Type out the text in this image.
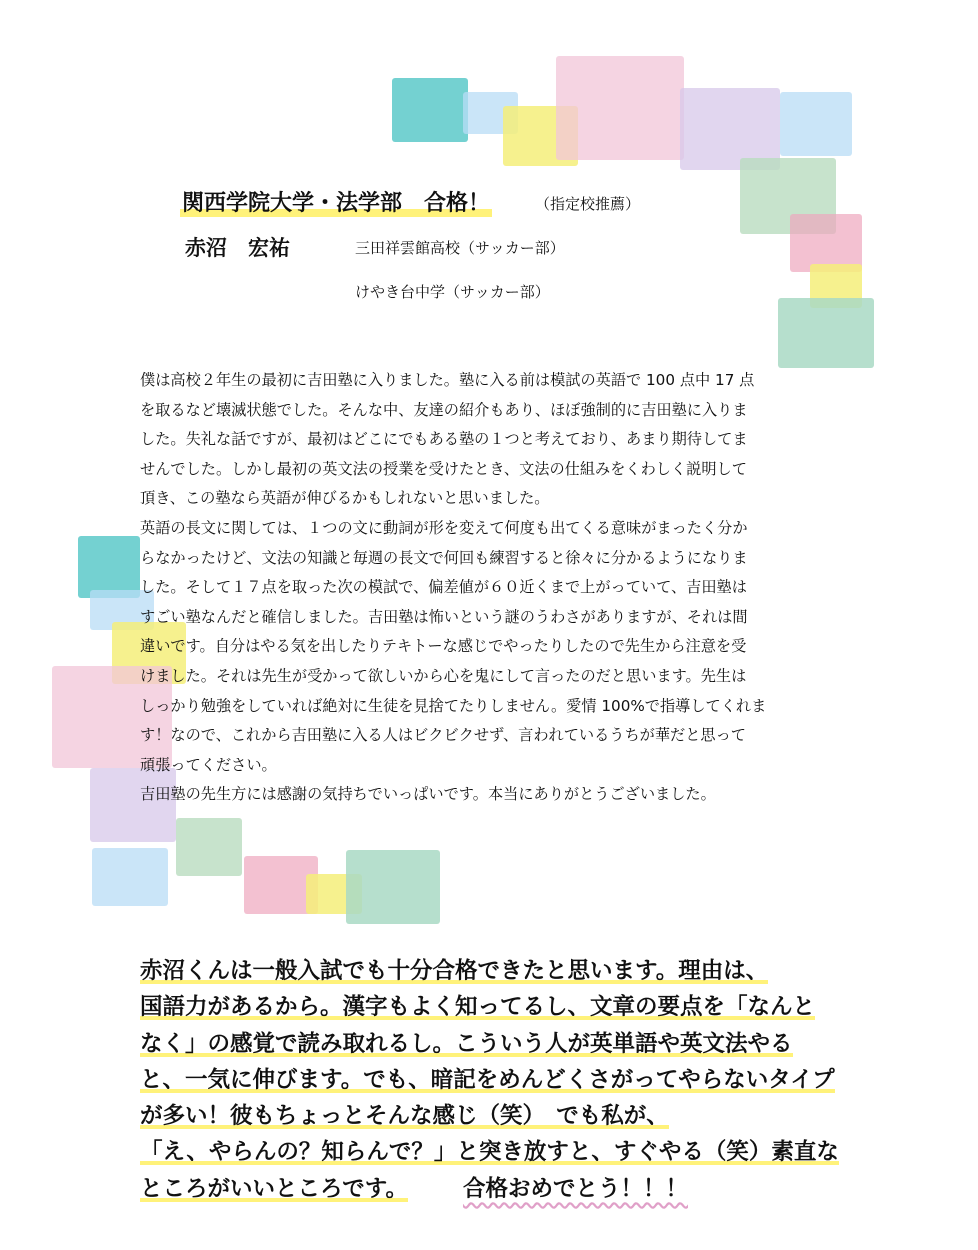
関西学院大学・法学部　合格！	（指定校推薦）
赤沼　宏祐	三田祥雲館高校（サッカー部）
けやき台中学（サッカー部）
僕は高校２年生の最初に吉田塾に入りました。塾に入る前は模試の英語で 100 点中 17 点
を取るなど壊滅状態でした。そんな中、友達の紹介もあり、ほぼ強制的に吉田塾に入りま
した。失礼な話ですが、最初はどこにでもある塾の１つと考えており、あまり期待してま
せんでした。しかし最初の英文法の授業を受けたとき、文法の仕組みをくわしく説明して
頂き、この塾なら英語が伸びるかもしれないと思いました。
英語の長文に関しては、１つの文に動詞が形を変えて何度も出てくる意味がまったく分か
らなかったけど、文法の知識と毎週の長文で何回も練習すると徐々に分かるようになりま
した。そして１７点を取った次の模試で、偏差値が６０近くまで上がっていて、吉田塾は
すごい塾なんだと確信しました。吉田塾は怖いという謎のうわさがありますが、それは間
違いです。自分はやる気を出したりテキトーな感じでやったりしたので先生から注意を受
けました。それは先生が受かって欲しいから心を鬼にして言ったのだと思います。先生は
しっかり勉強をしていれば絶対に生徒を見捨てたりしません。愛情 100%で指導してくれま
す！なので、これから吉田塾に入る人はビクビクせず、言われているうちが華だと思って
頑張ってください。
吉田塾の先生方には感謝の気持ちでいっぱいです。本当にありがとうございました。
赤沼くんは一般入試でも十分合格できたと思います。理由は、
国語力があるから。漢字もよく知ってるし、文章の要点を「なんと
なく」の感覚で読み取れるし。こういう人が英単語や英文法やる
と、一気に伸びます。でも、暗記をめんどくさがってやらないタイプ
が多い！彼もちょっとそんな感じ（笑）　でも私が、
「え、やらんの？知らんで？」と突き放すと、すぐやる（笑）素直な
ところがいいところです。 合格おめでとう！！！
